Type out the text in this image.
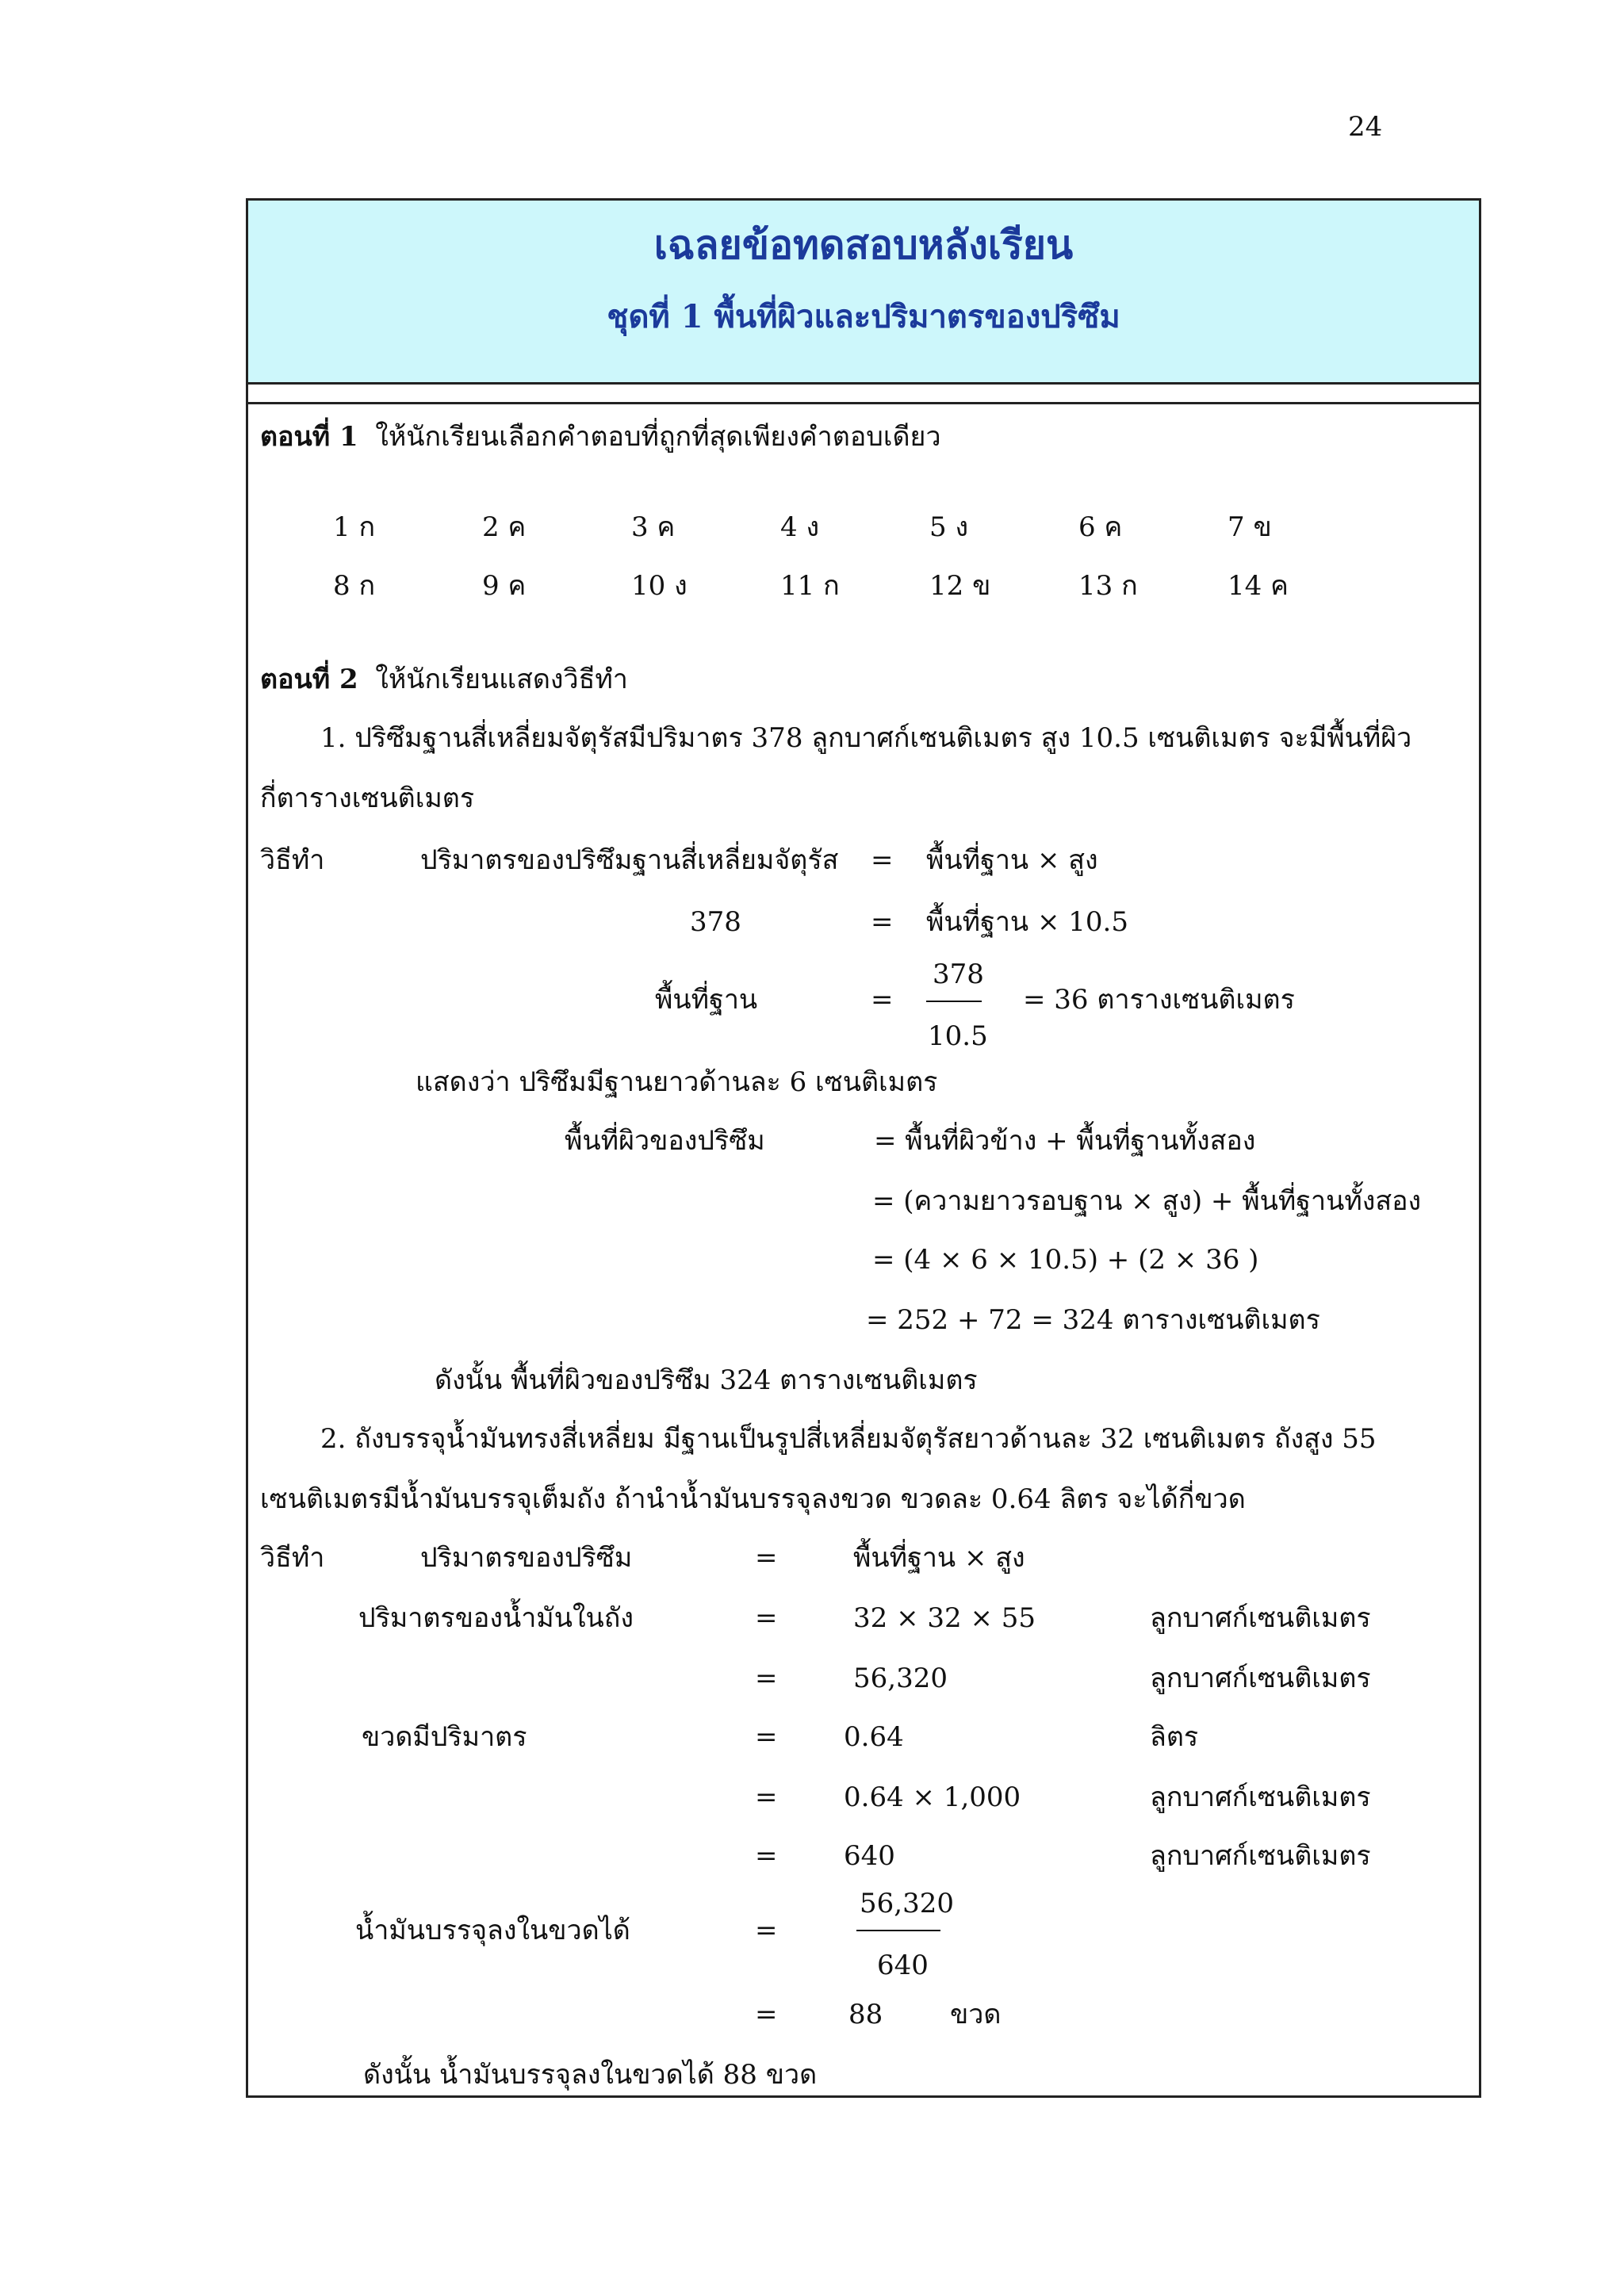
24
เฉลยข้อทดสอบหลังเรียน
ชุดที่ 1 พื้นที่ผิวและปริมาตรของปริซึม
ตอนที่ 1 ให้นักเรียนเลือกคำตอบที่ถูกที่สุดเพียงคำตอบเดียว
1 ก	2 ค	3 ค	4 ง	5 ง	6 ค	7 ข
8 ก	9 ค	10 ง	11 ก	12 ข	13 ก	14 ค
ตอนที่ 2 ให้นักเรียนแสดงวิธีทำ
1. ปริซึมฐานสี่เหลี่ยมจัตุรัสมีปริมาตร 378 ลูกบาศก์เซนติเมตร สูง 10.5 เซนติเมตร จะมีพื้นที่ผิว
กี่ตารางเซนติเมตร
วิธีทำ	ปริมาตรของปริซึมฐานสี่เหลี่ยมจัตุรัส = พื้นที่ฐาน × สูง
378	= พื้นที่ฐาน × 10.5
พื้นที่ฐาน	=
378
10.5
= 36 ตารางเซนติเมตร
แสดงว่า ปริซึมมีฐานยาวด้านละ 6 เซนติเมตร
พื้นที่ผิวของปริซึม	= พื้นที่ผิวข้าง + พื้นที่ฐานทั้งสอง
= (ความยาวรอบฐาน × สูง) + พื้นที่ฐานทั้งสอง
= (4 × 6 × 10.5) + (2 × 36 )
= 252 + 72 = 324 ตารางเซนติเมตร
ดังนั้น พื้นที่ผิวของปริซึม 324 ตารางเซนติเมตร
2. ถังบรรจุน้ำมันทรงสี่เหลี่ยม มีฐานเป็นรูปสี่เหลี่ยมจัตุรัสยาวด้านละ 32 เซนติเมตร ถังสูง 55
เซนติเมตรมีน้ำมันบรรจุเต็มถัง ถ้านำน้ำมันบรรจุลงขวด ขวดละ 0.64 ลิตร จะได้กี่ขวด
วิธีทำ	ปริมาตรของปริซึม	=	พื้นที่ฐาน × สูง
ปริมาตรของน้ำมันในถัง	=	32 × 32 × 55	ลูกบาศก์เซนติเมตร
=	56,320	ลูกบาศก์เซนติเมตร
ขวดมีปริมาตร	= 0.64	ลิตร
= 0.64 × 1,000	ลูกบาศก์เซนติเมตร
= 640	ลูกบาศก์เซนติเมตร
น้ำมันบรรจุลงในขวดได้	=
56,320
640
=	88 ขวด
ดังนั้น น้ำมันบรรจุลงในขวดได้ 88 ขวด
